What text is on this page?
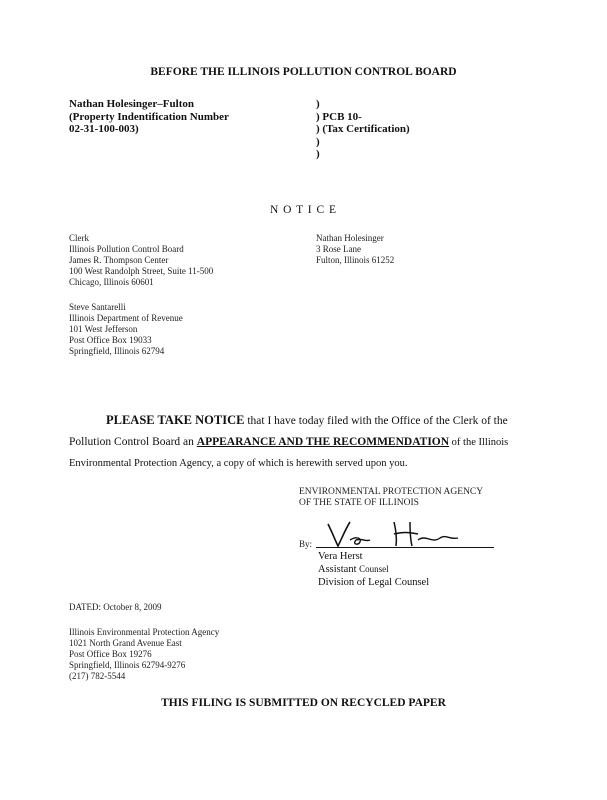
BEFORE THE ILLINOIS POLLUTION CONTROL BOARD
Nathan Holesinger–Fulton
(Property Indentification Number
02-31-100-003)
)
) PCB 10-
) (Tax Certification)
)
)
N O T I C E
Clerk
Illinois Pollution Control Board
James R. Thompson Center
100 West Randolph Street, Suite 11-500
Chicago, Illinois 60601
Nathan Holesinger
3 Rose Lane
Fulton, Illinois 61252
Steve Santarelli
Illinois Department of Revenue
101 West Jefferson
Post Office Box 19033
Springfield, Illinois 62794
PLEASE TAKE NOTICE that I have today filed with the Office of the Clerk of the
Pollution Control Board an APPEARANCE AND THE RECOMMENDATION of the Illinois
Environmental Protection Agency, a copy of which is herewith served upon you.
ENVIRONMENTAL PROTECTION AGENCY
OF THE STATE OF ILLINOIS
By:
Vera Herst
Assistant Counsel
Division of Legal Counsel
DATED: October 8, 2009
Illinois Environmental Protection Agency
1021 North Grand Avenue East
Post Office Box 19276
Springfield, Illinois 62794-9276
(217) 782-5544
THIS FILING IS SUBMITTED ON RECYCLED PAPER
